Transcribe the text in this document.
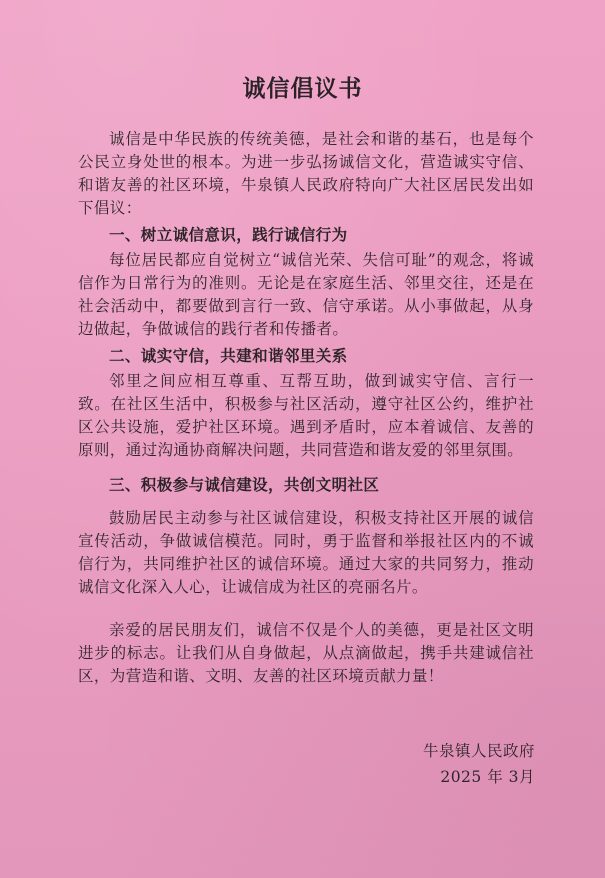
诚信倡议书

诚信是中华民族的传统美德，是社会和谐的基石，也是每个公民立身处世的根本。为进一步弘扬诚信文化，营造诚实守信、和谐友善的社区环境，牛泉镇人民政府特向广大社区居民发出如下倡议：

一、树立诚信意识，践行诚信行为

每位居民都应自觉树立“诚信光荣、失信可耻”的观念，将诚信作为日常行为的准则。无论是在家庭生活、邻里交往，还是在社会活动中，都要做到言行一致、信守承诺。从小事做起，从身边做起，争做诚信的践行者和传播者。

二、诚实守信，共建和谐邻里关系

邻里之间应相互尊重、互帮互助，做到诚实守信、言行一致。在社区生活中，积极参与社区活动，遵守社区公约，维护社区公共设施，爱护社区环境。遇到矛盾时，应本着诚信、友善的原则，通过沟通协商解决问题，共同营造和谐友爱的邻里氛围。

三、积极参与诚信建设，共创文明社区

鼓励居民主动参与社区诚信建设，积极支持社区开展的诚信宣传活动，争做诚信模范。同时，勇于监督和举报社区内的不诚信行为，共同维护社区的诚信环境。通过大家的共同努力，推动诚信文化深入人心，让诚信成为社区的亮丽名片。

亲爱的居民朋友们，诚信不仅是个人的美德，更是社区文明进步的标志。让我们从自身做起，从点滴做起，携手共建诚信社区，为营造和谐、文明、友善的社区环境贡献力量！

牛泉镇人民政府
2025 年 3月
